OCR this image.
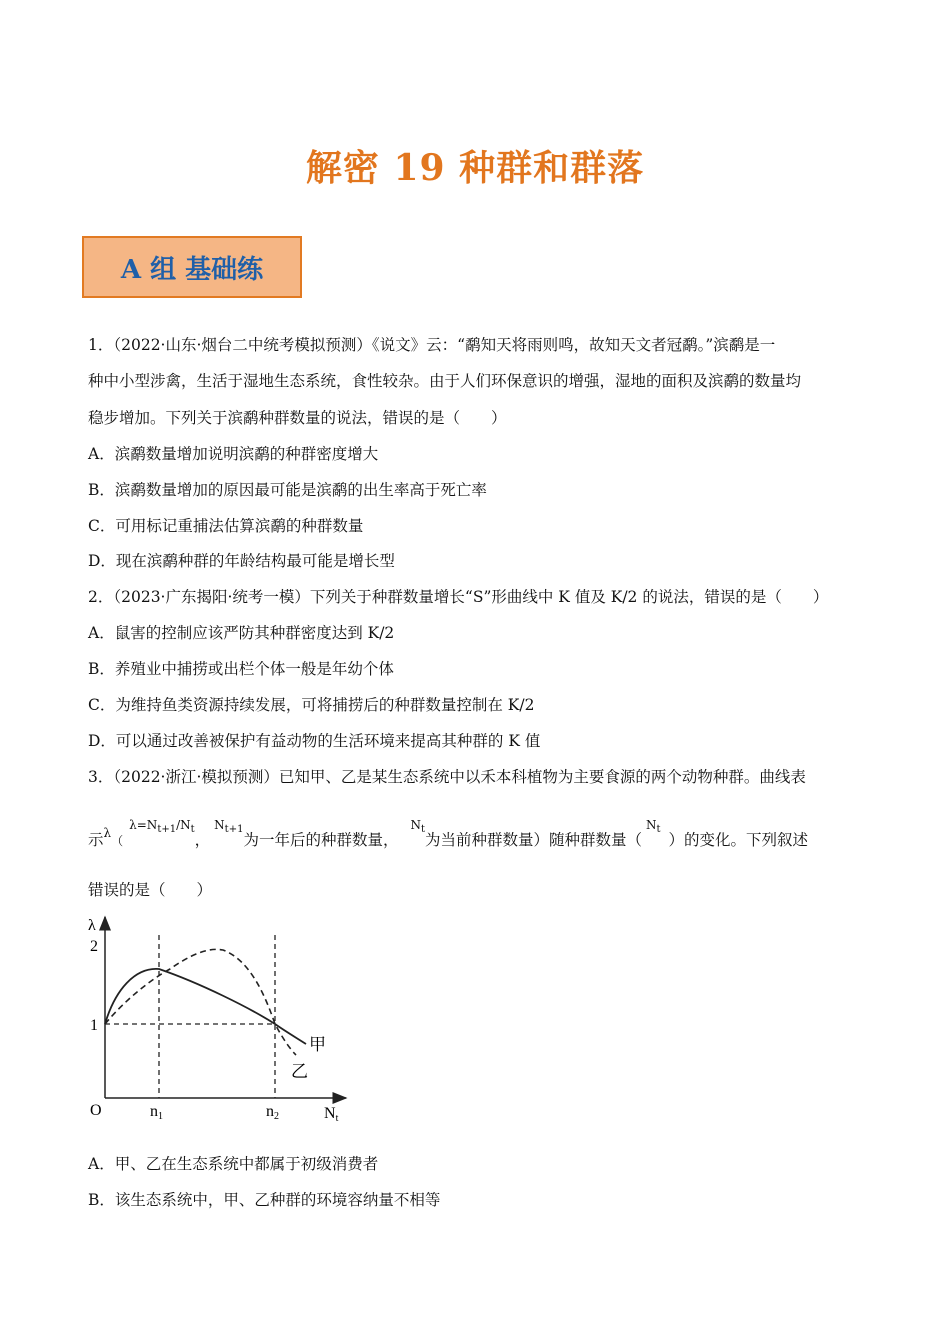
解密 19 种群和群落
A 组 基础练
1．（2022·山东·烟台二中统考模拟预测）《说文》云：“鹬知天将雨则鸣，故知天文者冠鹬。”滨鹬是一
种中小型涉禽，生活于湿地生态系统，食性较杂。由于人们环保意识的增强，湿地的面积及滨鹬的数量均
稳步增加。下列关于滨鹬种群数量的说法，错误的是（　　）
A．滨鹬数量增加说明滨鹬的种群密度增大
B．滨鹬数量增加的原因最可能是滨鹬的出生率高于死亡率
C．可用标记重捕法估算滨鹬的种群数量
D．现在滨鹬种群的年龄结构最可能是增长型
2．（2023·广东揭阳·统考一模）下列关于种群数量增长“S”形曲线中 K 值及 K/2 的说法，错误的是（　　）
A．鼠害的控制应该严防其种群密度达到 K/2
B．养殖业中捕捞或出栏个体一般是年幼个体
C．为维持鱼类资源持续发展，可将捕捞后的种群数量控制在 K/2
D．可以通过改善被保护有益动物的生活环境来提高其种群的 K 值
3．（2022·浙江·模拟预测）已知甲、乙是某生态系统中以禾本科植物为主要食源的两个动物种群。曲线表
示$^\lambda$（$^{\lambda=N_{t+1}/N_t}$，$^{N_{t+1}}$为一年后的种群数量，$^{N_t}$为当前种群数量）随种群数量（$^{N_t}$）的变化。下列叙述
错误的是（　　）
λ
2
1
O	n1	n2	Nt
甲
乙
A．甲、乙在生态系统中都属于初级消费者
B．该生态系统中，甲、乙种群的环境容纳量不相等
